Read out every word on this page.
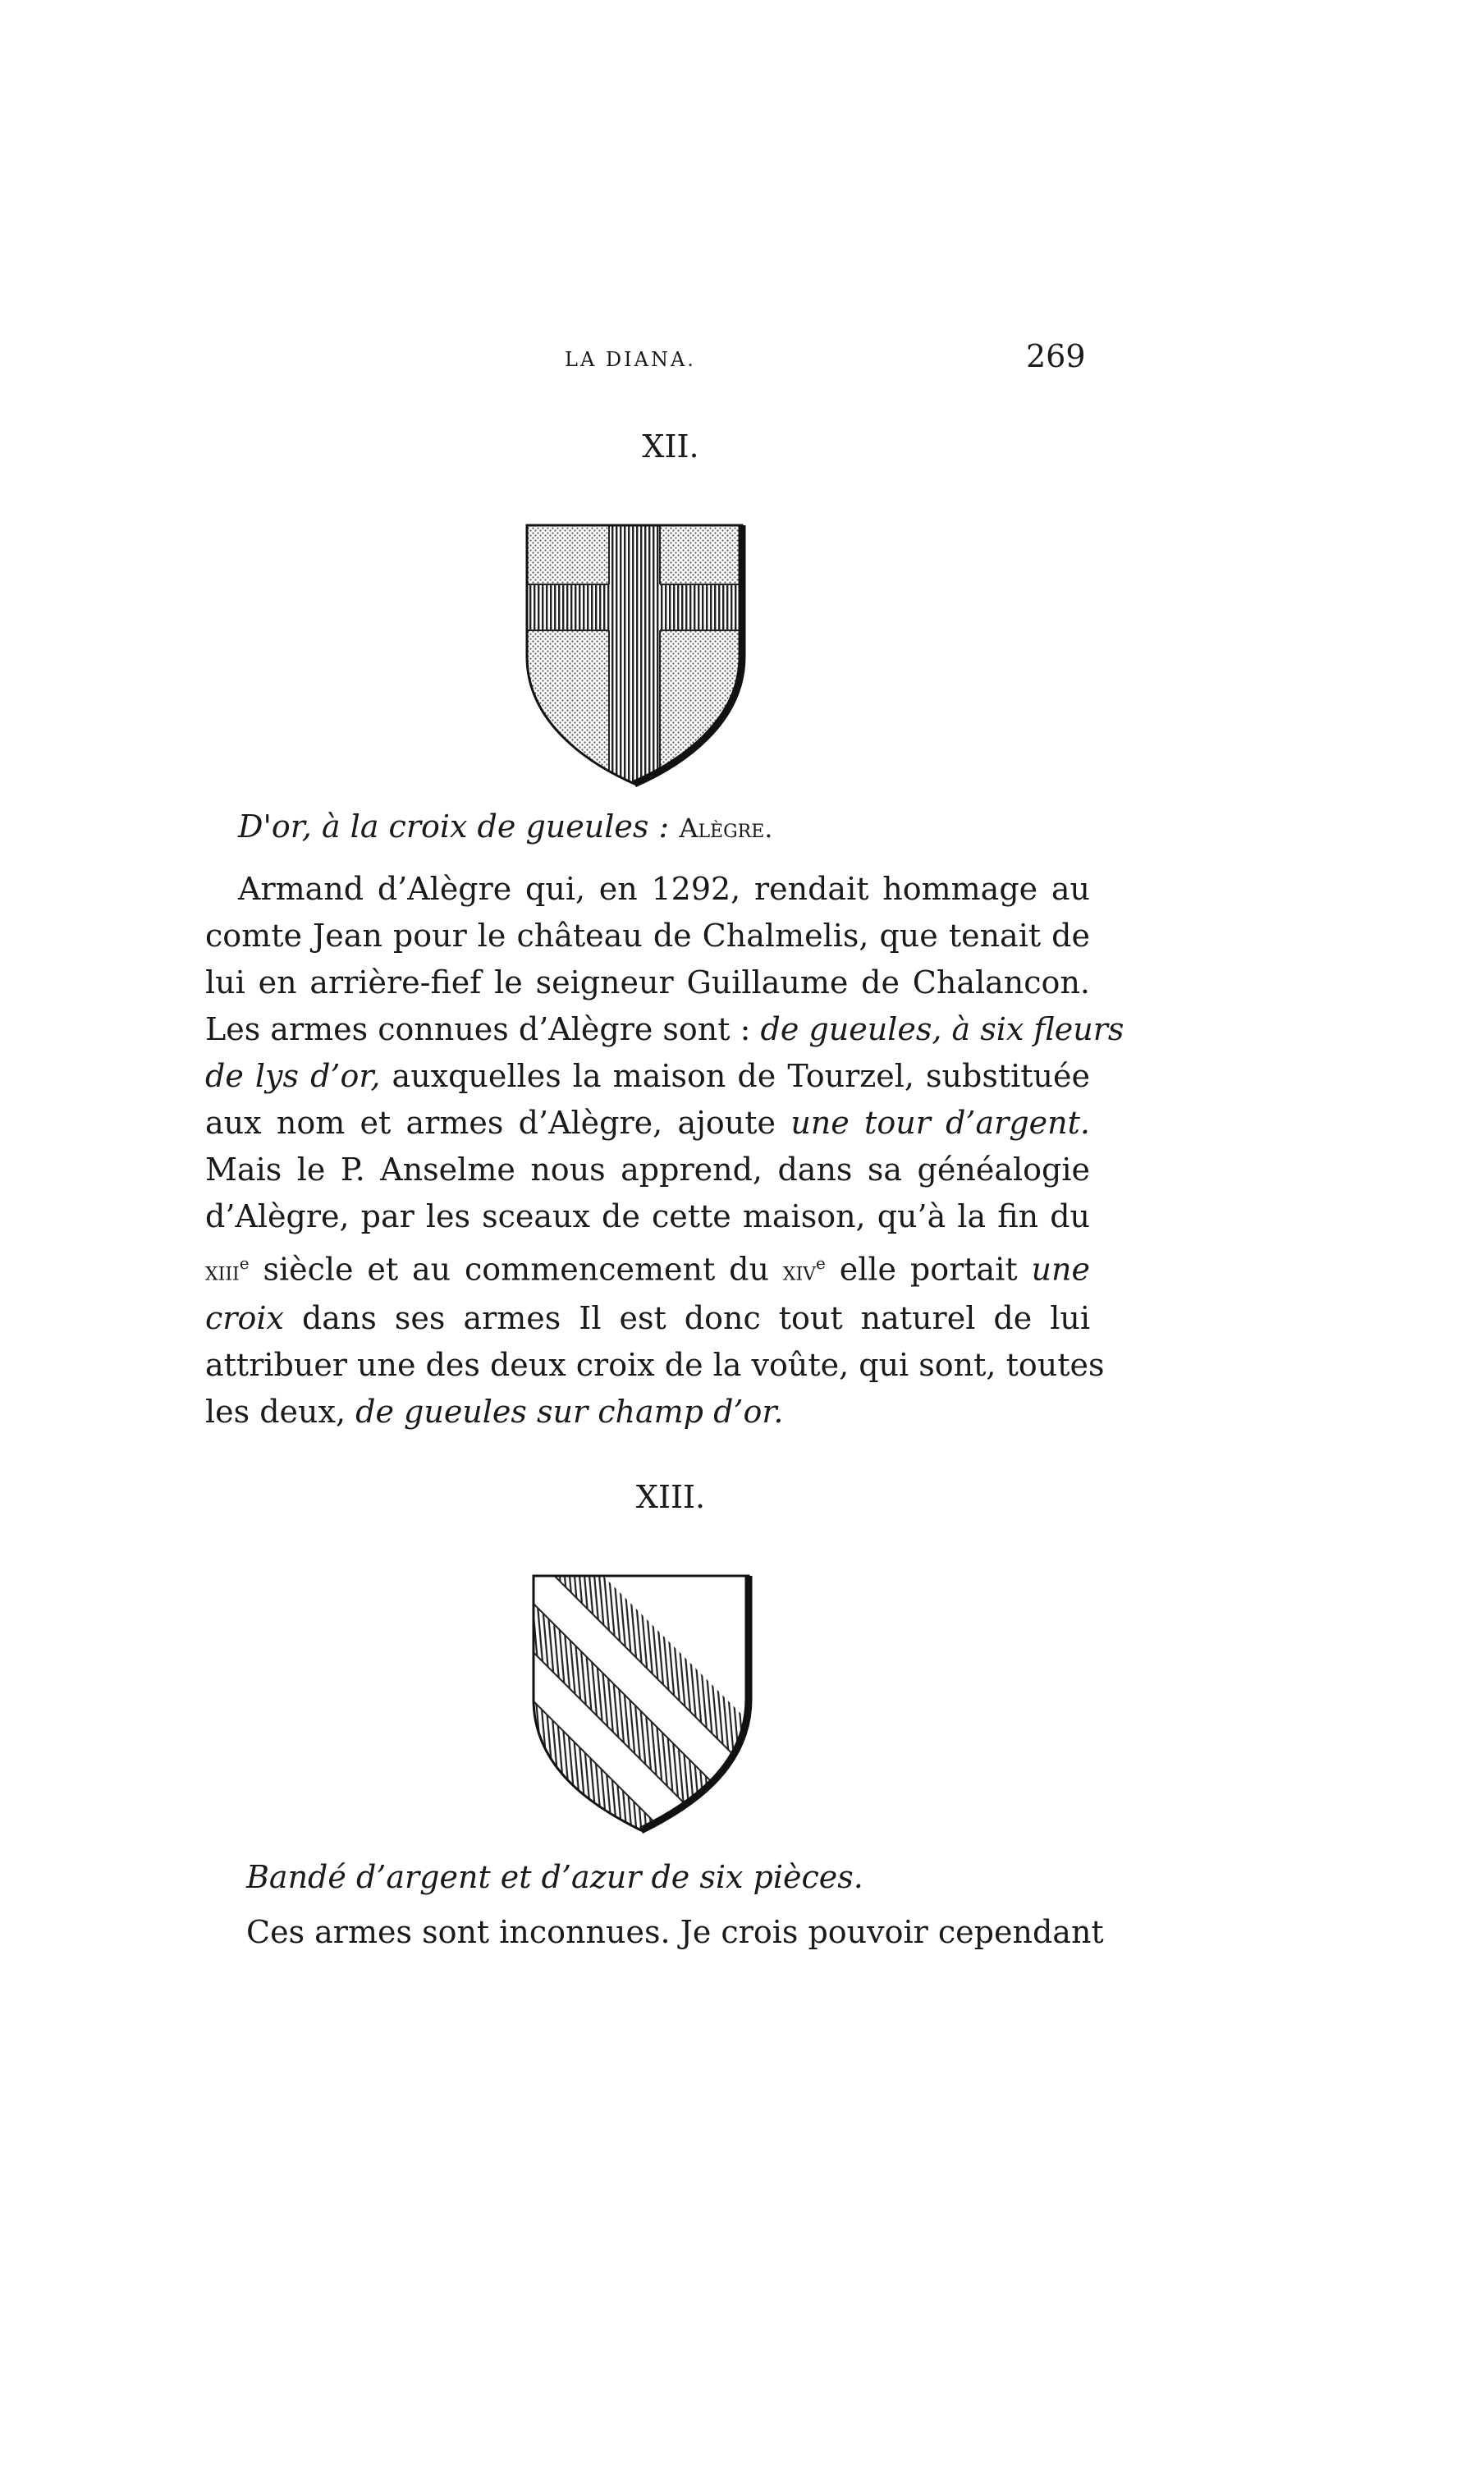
LA DIANA.	269
XII.
D'or, à la croix de gueules : Alègre.
Armand d’Alègre qui, en 1292, rendait hommage au
comte Jean pour le château de Chalmelis, que tenait de
lui en arrière-fief le seigneur Guillaume de Chalancon.
Les armes connues d’Alègre sont : de gueules, à six fleurs
de lys d’or, auxquelles la maison de Tourzel, substituée
aux nom et armes d’Alègre, ajoute une tour d’argent.
Mais le P. Anselme nous apprend, dans sa généalogie
d’Alègre, par les sceaux de cette maison, qu’à la fin du
xiii$^e$ siècle et au commencement du xiv$^e$ elle portait une
croix dans ses armes Il est donc tout naturel de lui
attribuer une des deux croix de la voûte, qui sont, toutes
les deux, de gueules sur champ d’or.
XIII.
Bandé d’argent et d’azur de six pièces.
Ces armes sont inconnues. Je crois pouvoir cependant
